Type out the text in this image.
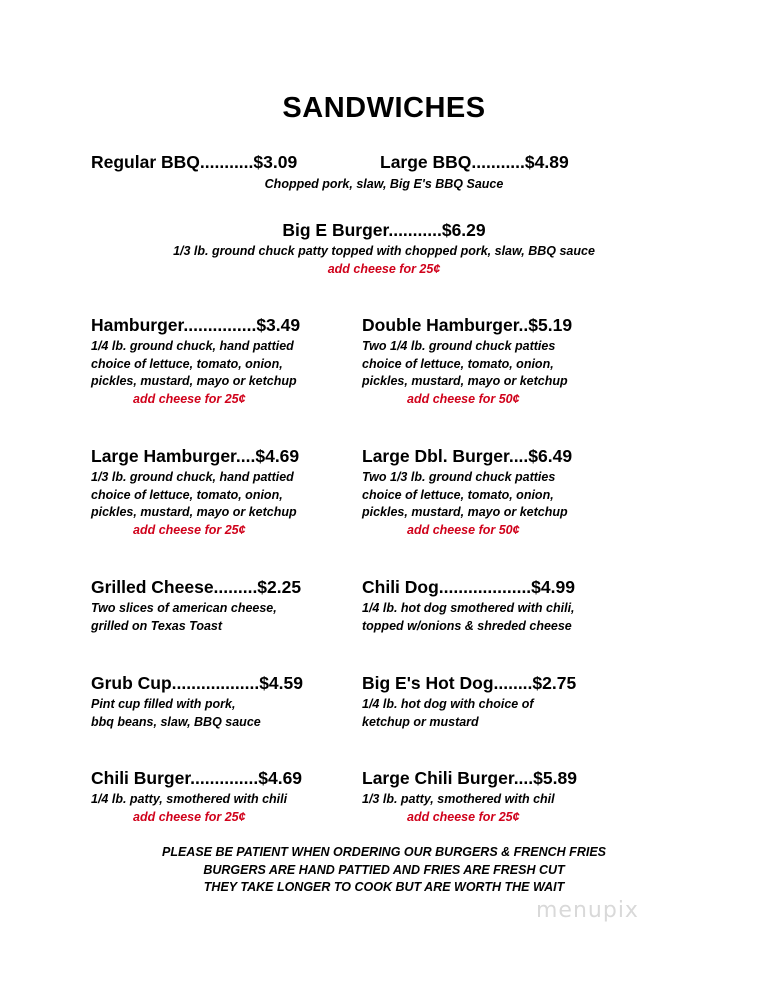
SANDWICHES
Regular BBQ...........$3.09	Large BBQ...........$4.89
Chopped pork, slaw, Big E's BBQ Sauce
Big E Burger...........$6.29
1/3 lb. ground chuck patty topped with chopped pork, slaw, BBQ sauce
add cheese for 25¢
Hamburger...............$3.49
1/4 lb. ground chuck, hand pattied
choice of lettuce, tomato, onion,
pickles, mustard, mayo or ketchup
add cheese for 25¢
Double Hamburger..$5.19
Two 1/4 lb. ground chuck patties
choice of lettuce, tomato, onion,
pickles, mustard, mayo or ketchup
add cheese for 50¢
Large Hamburger....$4.69
1/3 lb. ground chuck, hand pattied
choice of lettuce, tomato, onion,
pickles, mustard, mayo or ketchup
add cheese for 25¢
Large Dbl. Burger....$6.49
Two 1/3 lb. ground chuck patties
choice of lettuce, tomato, onion,
pickles, mustard, mayo or ketchup
add cheese for 50¢
Grilled Cheese.........$2.25
Two slices of american cheese,
grilled on Texas Toast
Chili Dog...................$4.99
1/4 lb. hot dog smothered with chili,
topped w/onions & shreded cheese
Grub Cup..................$4.59
Pint cup filled with pork,
bbq beans, slaw, BBQ sauce
Big E's Hot Dog........$2.75
1/4 lb. hot dog with choice of
ketchup or mustard
Chili Burger..............$4.69
1/4 lb. patty, smothered with chili
add cheese for 25¢
Large Chili Burger....$5.89
1/3 lb. patty, smothered with chil
add cheese for 25¢
PLEASE BE PATIENT WHEN ORDERING OUR BURGERS & FRENCH FRIES
BURGERS ARE HAND PATTIED AND FRIES ARE FRESH CUT
THEY TAKE LONGER TO COOK BUT ARE WORTH THE WAIT
menupix
